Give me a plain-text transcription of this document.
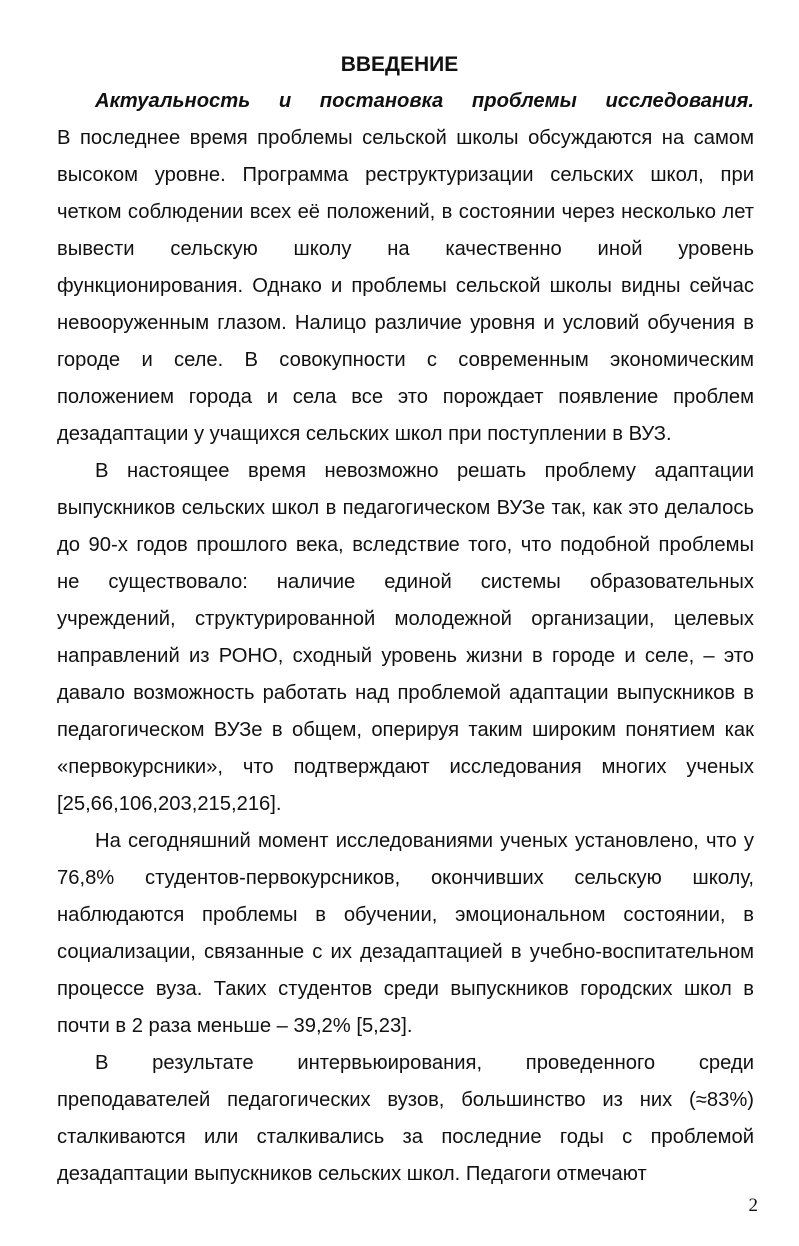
ВВЕДЕНИЕ

Актуальность и постановка проблемы исследования.

В последнее время проблемы сельской школы обсуждаются на самом высоком уровне. Программа реструктуризации сельских школ, при четком соблюдении всех её положений, в состоянии через несколько лет вывести сельскую школу на качественно иной уровень функционирования. Однако и проблемы сельской школы видны сейчас невооруженным глазом. Налицо различие уровня и условий обучения в городе и селе. В совокупности с современным экономическим положением города и села все это порождает появление проблем дезадаптации у учащихся сельских школ при поступлении в ВУЗ.

В настоящее время невозможно решать проблему адаптации выпускников сельских школ в педагогическом ВУЗе так, как это делалось до 90-х годов прошлого века, вследствие того, что подобной проблемы не существовало: наличие единой системы образовательных учреждений, структурированной молодежной организации, целевых направлений из РОНО, сходный уровень жизни в городе и селе, – это давало возможность работать над проблемой адаптации выпускников в педагогическом ВУЗе в общем, оперируя таким широким понятием как «первокурсники», что подтверждают исследования многих ученых [25,66,106,203,215,216].

На сегодняшний момент исследованиями ученых установлено, что у 76,8% студентов-первокурсников, окончивших сельскую школу, наблюдаются проблемы в обучении, эмоциональном состоянии, в социализации, связанные с их дезадаптацией в учебно-воспитательном процессе вуза. Таких студентов среди выпускников городских школ в почти в 2 раза меньше – 39,2% [5,23].

В результате интервьюирования, проведенного среди преподавателей педагогических вузов, большинство из них (≈83%) сталкиваются или сталкивались за последние годы с проблемой дезадаптации выпускников сельских школ. Педагоги отмечают

2
